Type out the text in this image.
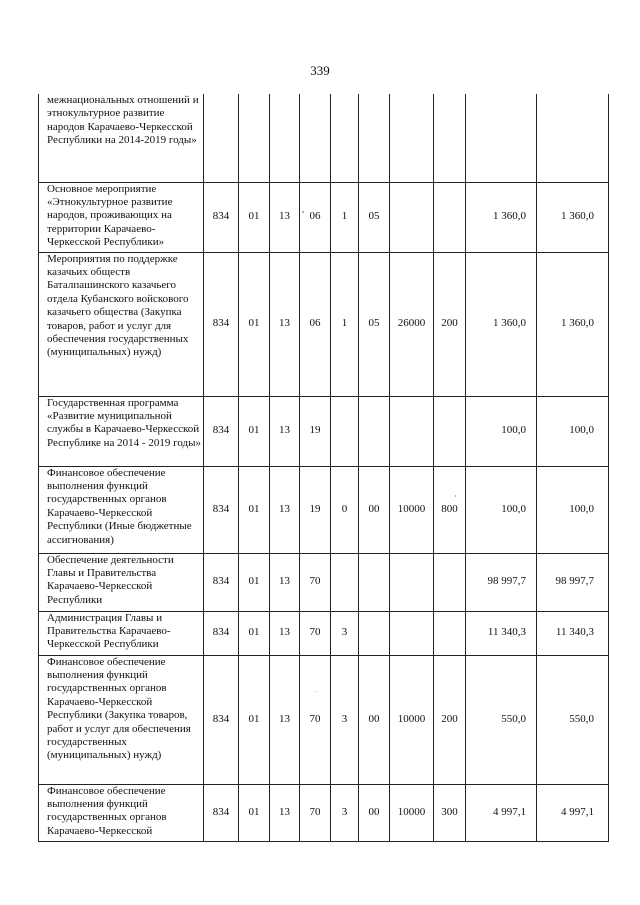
339
межнациональных отношений и этнокультурное развитие народов Карачаево-Черкесской Республики на 2014-2019 годы»										
Основное мероприятие «Этнокультурное развитие народов, проживающих на территории Карачаево-Черкесской Республики»	834	01	13	06	1	05			1 360,0	1 360,0
Мероприятия по поддержке казачьих обществ Баталпашинского казачьего отдела Кубанского войскового казачьего общества (Закупка товаров, работ и услуг для обеспечения государственных (муниципальных) нужд)	834	01	13	06	1	05	26000	200	1 360,0	1 360,0
Государственная программа «Развитие муниципальной службы в Карачаево-Черкесской Республике на 2014 - 2019 годы»	834	01	13	19					100,0	100,0
Финансовое обеспечение выполнения функций государственных органов Карачаево-Черкесской Республики (Иные бюджетные ассигнования)	834	01	13	19	0	00	10000	800	100,0	100,0
Обеспечение деятельности Главы и Правительства Карачаево-Черкесской Республики	834	01	13	70					98 997,7	98 997,7
Администрация Главы и Правительства Карачаево-Черкесской Республики	834	01	13	70	3				11 340,3	11 340,3
Финансовое обеспечение выполнения функций государственных органов Карачаево-Черкесской Республики (Закупка товаров, работ и услуг для обеспечения государственных (муниципальных) нужд)	834	01	13	70	3	00	10000	200	550,0	550,0
Финансовое обеспечение выполнения функций государственных органов Карачаево-Черкесской	834	01	13	70	3	00	10000	300	4 997,1	4 997,1
